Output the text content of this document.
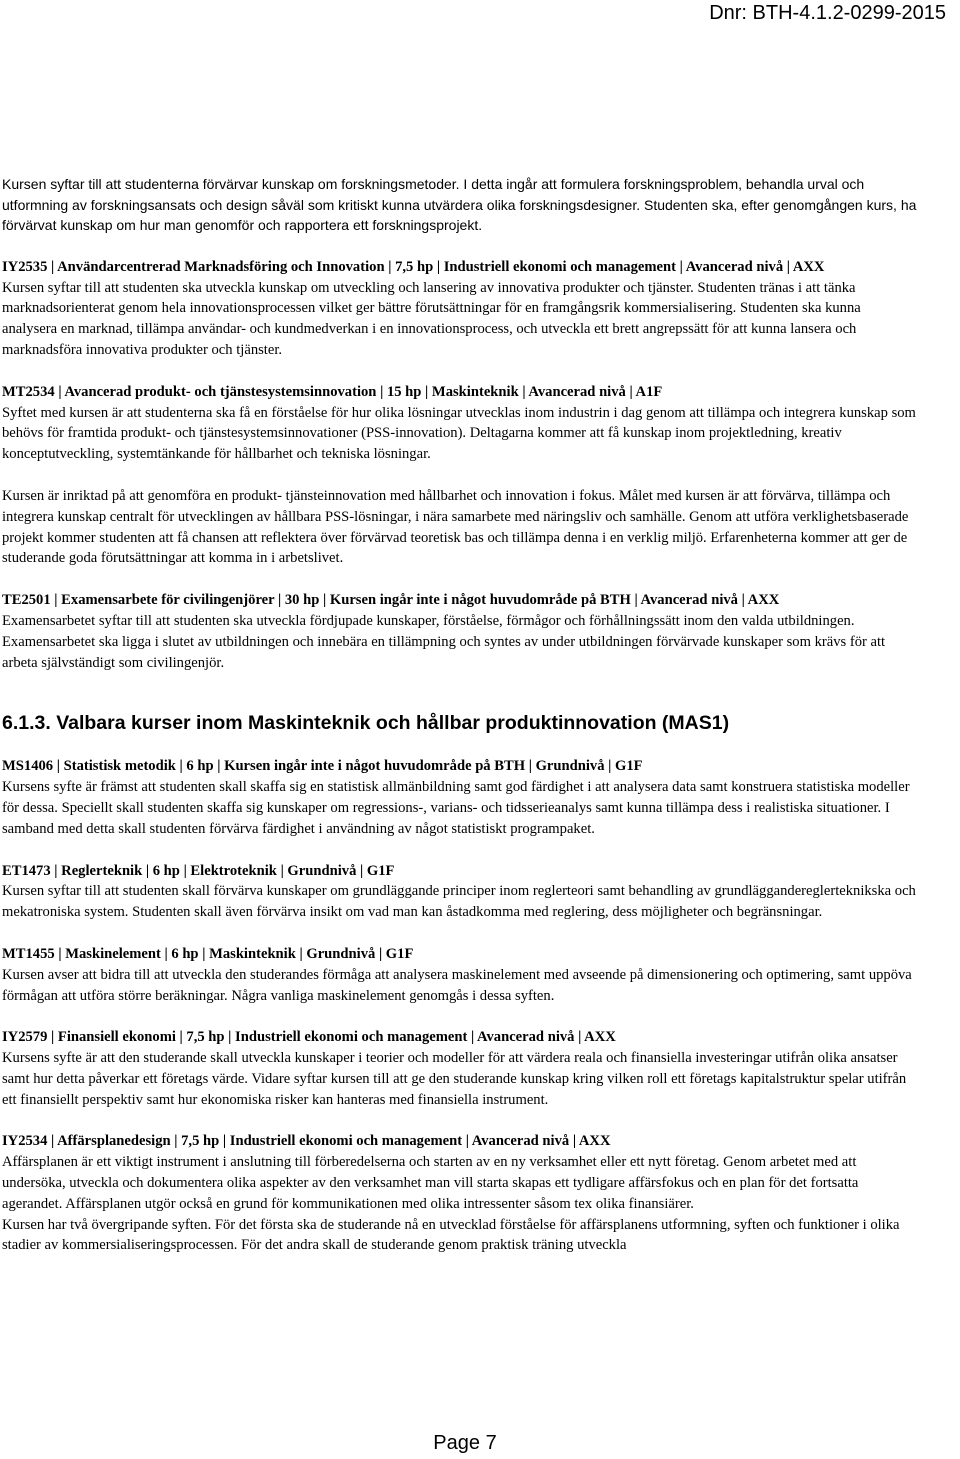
Dnr: BTH-4.1.2-0299-2015

Kursen syftar till att studenterna förvärvar kunskap om forskningsmetoder. I detta ingår att formulera forskningsproblem, behandla urval och utformning av forskningsansats och design såväl som kritiskt kunna utvärdera olika forskningsdesigner. Studenten ska, efter genomgången kurs, ha förvärvat kunskap om hur man genomför och rapportera ett forskningsprojekt.

IY2535 | Användarcentrerad Marknadsföring och Innovation | 7,5 hp | Industriell ekonomi och management | Avancerad nivå | AXX

Kursen syftar till att studenten ska utveckla kunskap om utveckling och lansering av innovativa produkter och tjänster. Studenten tränas i att tänka marknadsorienterat genom hela innovationsprocessen vilket ger bättre förutsättningar för en framgångsrik kommersialisering. Studenten ska kunna analysera en marknad, tillämpa användar- och kundmedverkan i en innovationsprocess, och utveckla ett brett angrepssätt för att kunna lansera och marknadsföra innovativa produkter och tjänster.

MT2534 | Avancerad produkt- och tjänstesystemsinnovation | 15 hp | Maskinteknik | Avancerad nivå | A1F

Syftet med kursen är att studenterna ska få en förståelse för hur olika lösningar utvecklas inom industrin i dag genom att tillämpa och integrera kunskap som behövs för framtida produkt- och tjänstesystemsinnovationer (PSS-innovation). Deltagarna kommer att få kunskap inom projektledning, kreativ konceptutveckling, systemtänkande för hållbarhet och tekniska lösningar.

Kursen är inriktad på att genomföra en produkt- tjänsteinnovation med hållbarhet och innovation i fokus. Målet med kursen är att förvärva, tillämpa och integrera kunskap centralt för utvecklingen av hållbara PSS-lösningar, i nära samarbete med näringsliv och samhälle. Genom att utföra verklighetsbaserade projekt kommer studenten att få chansen att reflektera över förvärvad teoretisk bas och tillämpa denna i en verklig miljö. Erfarenheterna kommer att ger de studerande goda förutsättningar att komma in i arbetslivet.

TE2501 | Examensarbete för civilingenjörer | 30 hp | Kursen ingår inte i något huvudområde på BTH | Avancerad nivå | AXX

Examensarbetet syftar till att studenten ska utveckla fördjupade kunskaper, förståelse, förmågor och förhållningssätt inom den valda utbildningen. Examensarbetet ska ligga i slutet av utbildningen och innebära en tillämpning och syntes av under utbildningen förvärvade kunskaper som krävs för att arbeta självständigt som civilingenjör.

6.1.3. Valbara kurser inom Maskinteknik och hållbar produktinnovation (MAS1)

MS1406 | Statistisk metodik | 6 hp | Kursen ingår inte i något huvudområde på BTH | Grundnivå | G1F

Kursens syfte är främst att studenten skall skaffa sig en statistisk allmänbildning samt god färdighet i att analysera data samt konstruera statistiska modeller för dessa. Speciellt skall studenten skaffa sig kunskaper om regressions-, varians- och tidsserieanalys samt kunna tillämpa dess i realistiska situationer. I samband med detta skall studenten förvärva färdighet i användning av något statistiskt programpaket.

ET1473 | Reglerteknik | 6 hp | Elektroteknik | Grundnivå | G1F

Kursen syftar till att studenten skall förvärva kunskaper om grundläggande principer inom reglerteori samt behandling av grundläggandereglerteknikska och mekatroniska system. Studenten skall även förvärva insikt om vad man kan åstadkomma med reglering, dess möjligheter och begränsningar.

MT1455 | Maskinelement | 6 hp | Maskinteknik | Grundnivå | G1F

Kursen avser att bidra till att utveckla den studerandes förmåga att analysera maskinelement med avseende på dimensionering och optimering, samt uppöva förmågan att utföra större beräkningar. Några vanliga maskinelement genomgås i dessa syften.

IY2579 | Finansiell ekonomi | 7,5 hp | Industriell ekonomi och management | Avancerad nivå | AXX

Kursens syfte är att den studerande skall utveckla kunskaper i teorier och modeller för att värdera reala och finansiella investeringar utifrån olika ansatser samt hur detta påverkar ett företags värde. Vidare syftar kursen till att ge den studerande kunskap kring vilken roll ett företags kapitalstruktur spelar utifrån ett finansiellt perspektiv samt hur ekonomiska risker kan hanteras med finansiella instrument.

IY2534 | Affärsplanedesign | 7,5 hp | Industriell ekonomi och management | Avancerad nivå | AXX

Affärsplanen är ett viktigt instrument i anslutning till förberedelserna och starten av en ny verksamhet eller ett nytt företag. Genom arbetet med att undersöka, utveckla och dokumentera olika aspekter av den verksamhet man vill starta skapas ett tydligare affärsfokus och en plan för det fortsatta agerandet. Affärsplanen utgör också en grund för kommunikationen med olika intressenter såsom tex olika finansiärer.

Kursen har två övergripande syften. För det första ska de studerande nå en utvecklad förståelse för affärsplanens utformning, syften och funktioner i olika stadier av kommersialiseringsprocessen. För det andra skall de studerande genom praktisk träning utveckla

Page 7
